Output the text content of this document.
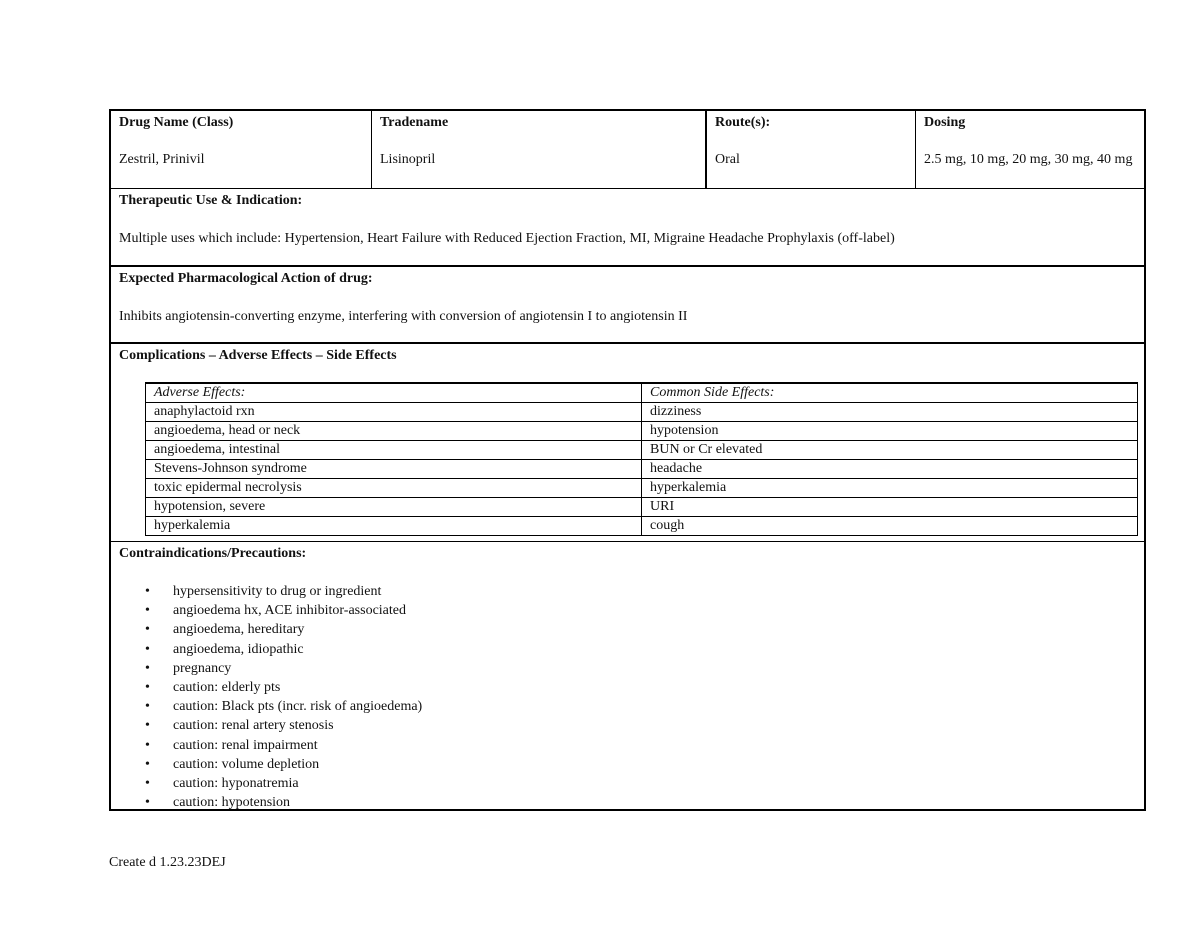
Drug Name (Class)
Zestril, Prinivil
Tradename
Lisinopril
Route(s):
Oral
Dosing
2.5 mg, 10 mg, 20 mg, 30 mg, 40 mg
Therapeutic Use & Indication:
Multiple uses which include: Hypertension, Heart Failure with Reduced Ejection Fraction, MI, Migraine Headache Prophylaxis (off-label)
Expected Pharmacological Action of drug:
Inhibits angiotensin-converting enzyme, interfering with conversion of angiotensin I to angiotensin II
Complications – Adverse Effects – Side Effects
Adverse Effects:	Common Side Effects:
anaphylactoid rxn	dizziness
angioedema, head or neck	hypotension
angioedema, intestinal	BUN or Cr elevated
Stevens-Johnson syndrome	headache
toxic epidermal necrolysis	hyperkalemia
hypotension, severe	URI
hyperkalemia	cough
Contraindications/Precautions:
• hypersensitivity to drug or ingredient
• angioedema hx, ACE inhibitor-associated
• angioedema, hereditary
• angioedema, idiopathic
• pregnancy
• caution: elderly pts
• caution: Black pts (incr. risk of angioedema)
• caution: renal artery stenosis
• caution: renal impairment
• caution: volume depletion
• caution: hyponatremia
• caution: hypotension
Create d 1.23.23DEJ
